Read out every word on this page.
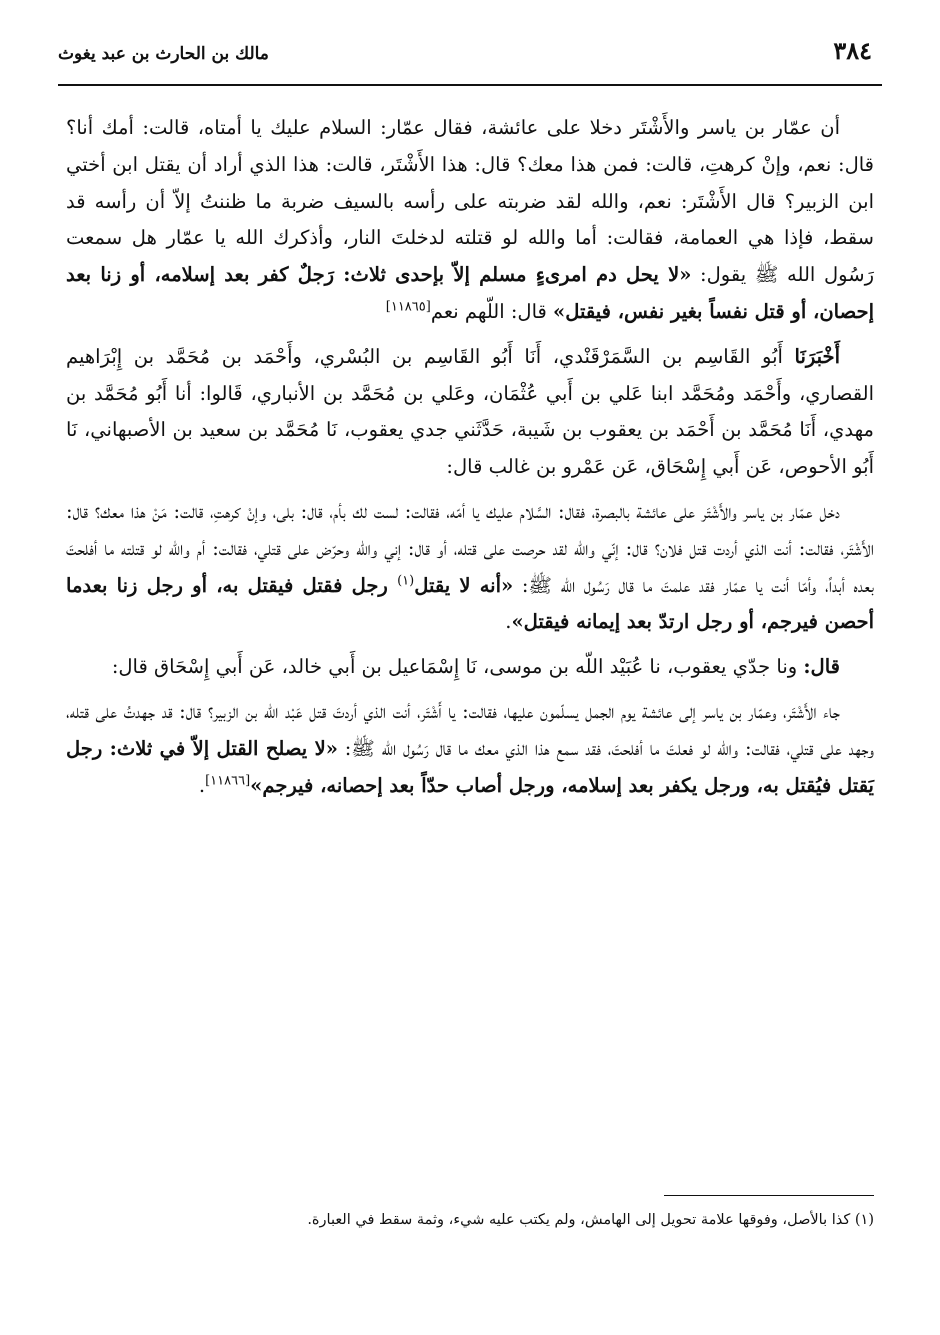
٣٨٤
مالك بن الحارث بن عبد يغوث

أن عمّار بن ياسر والأَشْتَر دخلا على عائشة، فقال عمّار: السلام عليك يا أمتاه، قالت: أمك أنا؟ قال: نعم، وإنْ كرهتِ، قالت: فمن هذا معك؟ قال: هذا الأَشْتَر، قالت: هذا الذي أراد أن يقتل ابن أختي ابن الزبير؟ قال الأَشْتَر: نعم، والله لقد ضربته على رأسه بالسيف ضربة ما ظننتُ إلاّ أن رأسه قد سقط، فإذا هي العمامة، فقالت: أما والله لو قتلته لدخلتَ النار، وأذكرك الله يا عمّار هل سمعت رَسُول الله ﷺ يقول: «لا يحل دم امرىءٍ مسلم إلاّ بإحدى ثلاث: رَجلٌ كفر بعد إسلامه، أو زنا بعد إحصان، أو قتل نفساً بغير نفس، فيقتل» قال: اللّهم نعم[١١٨٦٥]

أَخْبَرَنَا أَبُو القَاسِم بن السَّمَرْقَنْدي، أَنَا أَبُو القَاسِم بن البُسْري، وأَحْمَد بن مُحَمَّد بن إِبْرَاهيم القصاري، وأَحْمَد ومُحَمَّد ابنا عَلي بن أَبي عُثْمَان، وعَلي بن مُحَمَّد بن الأنباري، قَالوا: أنا أَبُو مُحَمَّد بن مهدي، أَنَا مُحَمَّد بن أَحْمَد بن يعقوب بن شَيبة، حَدَّثَني جدي يعقوب، نَا مُحَمَّد بن سعيد بن الأصبهاني، نَا أَبُو الأحوص، عَن أَبي إِسْحَاق، عَن عَمْرو بن غالب قال:

دخل عمّار بن ياسر والأَشْتَر على عائشة بالبصرة، فقال: السَّلام عليك يا أمّه، فقالت: لست لك بأم، قال: بلى، وإنْ كرهتِ، قالت: مَنْ هذا معك؟ قال: الأَشْتَر، فقالت: أنت الذي أردت قتل فلان؟ قال: إنّي والله لقد حرصت على قتله، أو قال: إني والله وحرّض على قتلي، فقالت: أم والله لو قتلته ما أفلحتَ بعده أبداً، وأمّا أنت يا عمّار فقد علمتَ ما قال رَسُول الله ﷺ: «أنه لا يقتل$^{(١)}$ رجل فقتل فيقتل به، أو رجل زنا بعدما أحصن فيرجم، أو رجل ارتدّ بعد إيمانه فيقتل».

قال: ونا جدّي يعقوب، نا عُبَيْد اللّه بن موسى، نَا إِسْمَاعيل بن أَبي خالد، عَن أَبي إِسْحَاق قال:

جاء الأَشْتَر، وعمّار بن ياسر إلى عائشة يوم الجمل يسلّمون عليها، فقالت: يا أَشْتَر، أنت الذي أردتَ قتل عَبْد اللّه بن الزبير؟ قال: قد جهدتُ على قتله، وجهد على قتلي، فقالت: والله لو فعلتَ ما أفلحتَ، فقد سمع هذا الذي معك ما قال رَسُول الله ﷺ: «لا يصلح القتل إلاّ في ثلاث: رجل يَقتل فيُقتل به، ورجل يكفر بعد إسلامه، ورجل أصاب حدّاً بعد إحصانه، فيرجم»[١١٨٦٦].

(١) كذا بالأصل، وفوقها علامة تحويل إلى الهامش، ولم يكتب عليه شيء، وثمة سقط في العبارة.
